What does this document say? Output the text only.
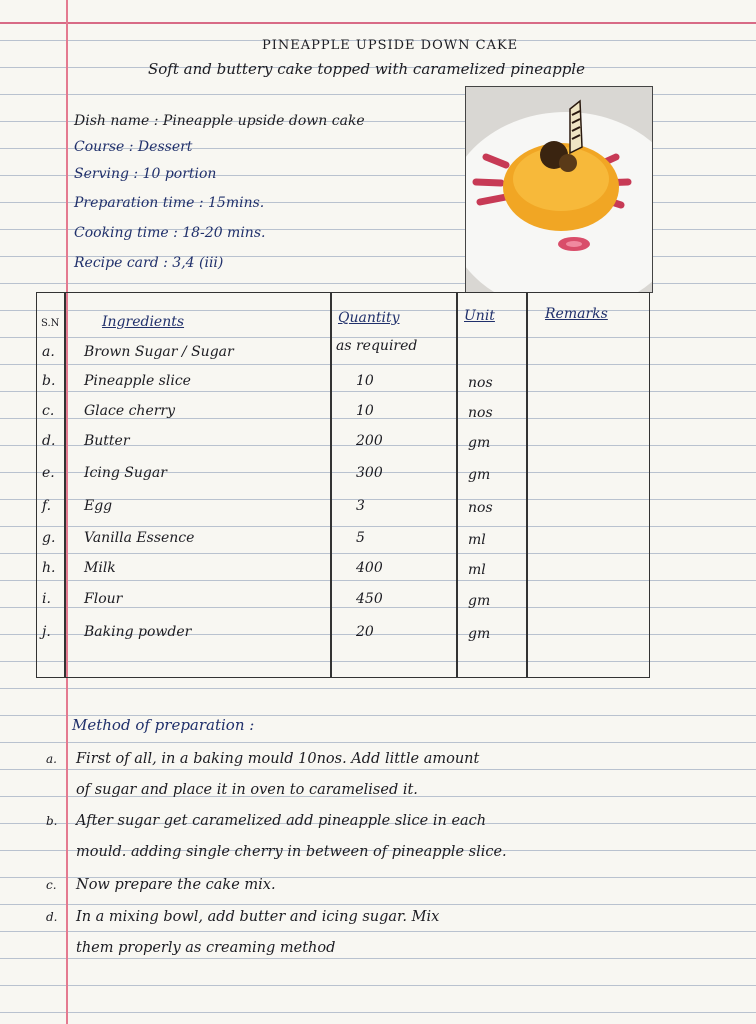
PINEAPPLE UPSIDE DOWN CAKE
Soft and buttery cake topped with caramelized pineapple
Dish name : Pineapple upside down cake
Course : Dessert
Serving : 10 portion
Preparation time : 15mins.
Cooking time : 18-20 mins.
Recipe card : 3,4 (iii)
S.N	Ingredients	Quantity	Unit	Remarks
a. Brown Sugar / Sugar	as required
b. Pineapple slice	10	nos
c. Glace cherry	10	nos
d. Butter	200	gm
e. Icing Sugar	300	gm
f. Egg	3	nos
g. Vanilla Essence	5	ml
h. Milk	400	ml
i. Flour	450	gm
j. Baking powder	20	gm
Method of preparation :
a. First of all, in a baking mould 10nos. Add little amount
of sugar and place it in oven to caramelised it.
b. After sugar get caramelized add pineapple slice in each
mould. adding single cherry in between of pineapple slice.
c. Now prepare the cake mix.
d. In a mixing bowl, add butter and icing sugar. Mix
them properly as creaming method
